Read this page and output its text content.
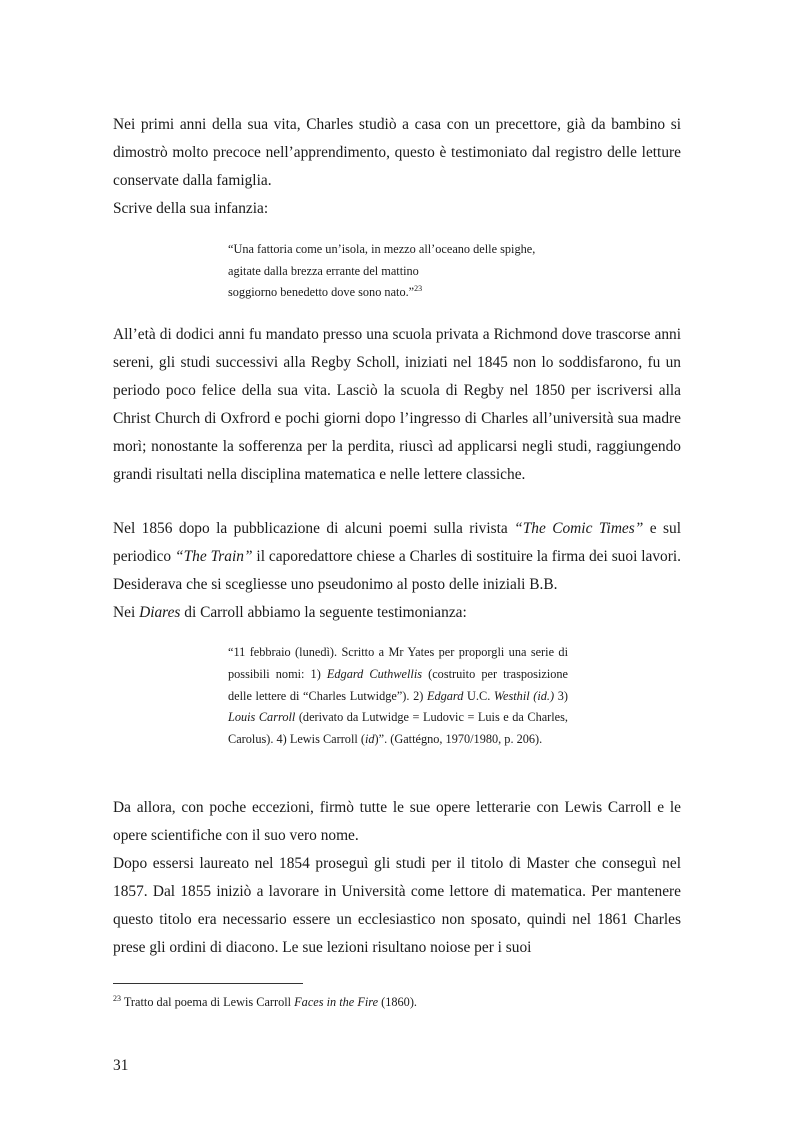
Nei primi anni della sua vita, Charles studiò a casa con un precettore, già da bambino si dimostrò molto precoce nell’apprendimento, questo è testimoniato dal registro delle letture conservate dalla famiglia.

Scrive della sua infanzia:

“Una fattoria come un’isola, in mezzo all’oceano delle spighe,
agitate dalla brezza errante del mattino
soggiorno benedetto dove sono nato.”$^{23}$

All’età di dodici anni fu mandato presso una scuola privata a Richmond dove trascorse anni sereni, gli studi successivi alla Regby Scholl, iniziati nel 1845 non lo soddisfarono, fu un periodo poco felice della sua vita. Lasciò la scuola di Regby nel 1850 per iscriversi alla Christ Church di Oxfrord e pochi giorni dopo l’ingresso di Charles all’università sua madre morì; nonostante la sofferenza per la perdita, riuscì ad applicarsi negli studi, raggiungendo grandi risultati nella disciplina matematica e nelle lettere classiche.

Nel 1856 dopo la pubblicazione di alcuni poemi sulla rivista “The Comic Times” e sul periodico “The Train” il caporedattore chiese a Charles di sostituire la firma dei suoi lavori. Desiderava che si scegliesse uno pseudonimo al posto delle iniziali B.B.

Nei Diares di Carroll abbiamo la seguente testimonianza:

“11 febbraio (lunedì). Scritto a Mr Yates per proporgli una serie di possibili nomi: 1) Edgard Cuthwellis (costruito per trasposizione delle lettere di “Charles Lutwidge”). 2) Edgard U.C. Westhil (id.) 3) Louis Carroll (derivato da Lutwidge = Ludovic = Luis e da Charles, Carolus). 4) Lewis Carroll (id)”. (Gattégno, 1970/1980, p. 206).

Da allora, con poche eccezioni, firmò tutte le sue opere letterarie con Lewis Carroll e le opere scientifiche con il suo vero nome.

Dopo essersi laureato nel 1854 proseguì gli studi per il titolo di Master che conseguì nel 1857. Dal 1855 iniziò a lavorare in Università come lettore di matematica. Per mantenere questo titolo era necessario essere un ecclesiastico non sposato, quindi nel 1861 Charles prese gli ordini di diacono. Le sue lezioni risultano noiose per i suoi

$^{23}$ Tratto dal poema di Lewis Carroll Faces in the Fire (1860).

31
